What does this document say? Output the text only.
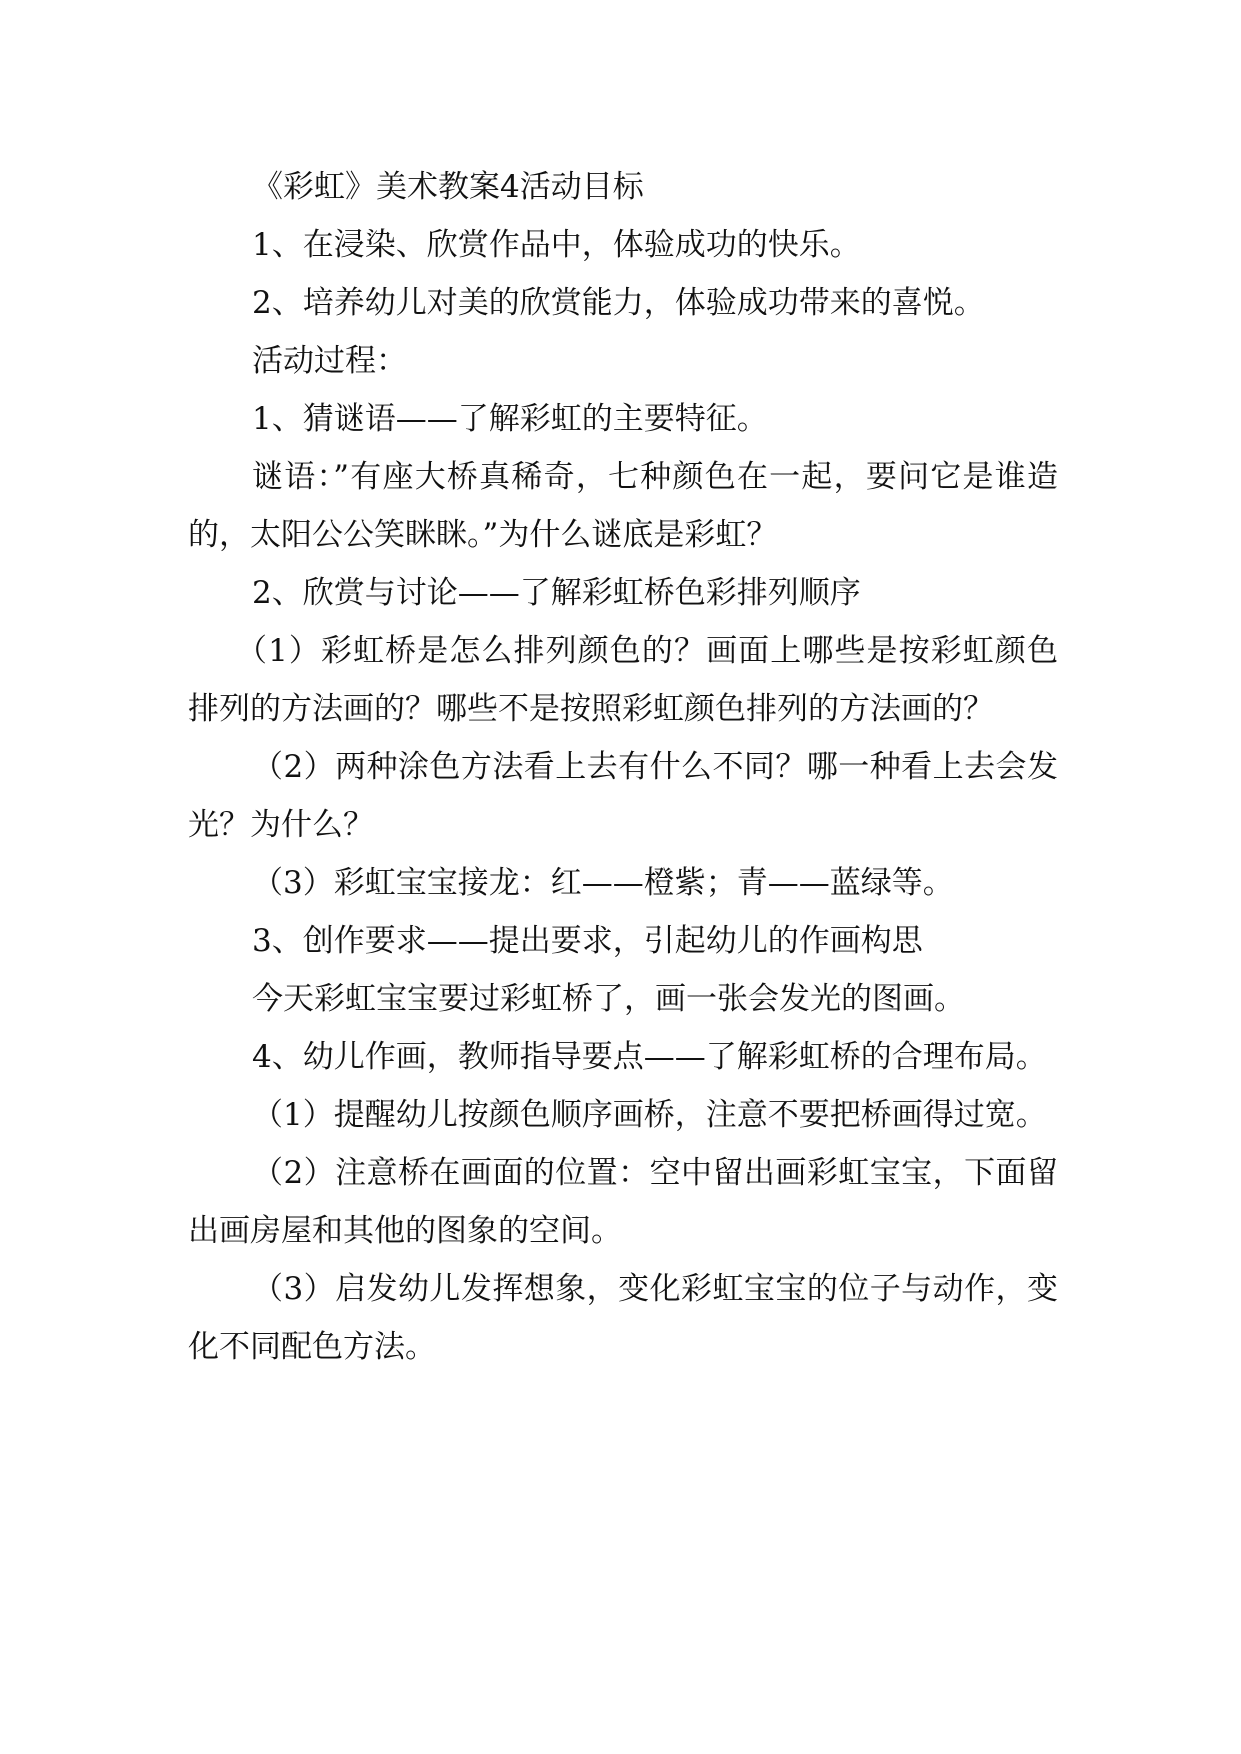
《彩虹》美术教案4活动目标

1、在浸染、欣赏作品中，体验成功的快乐。

2、培养幼儿对美的欣赏能力，体验成功带来的喜悦。

活动过程：

1、猜谜语——了解彩虹的主要特征。

谜语：”有座大桥真稀奇，七种颜色在一起，要问它是谁造的，太阳公公笑眯眯。”为什么谜底是彩虹？

2、欣赏与讨论——了解彩虹桥色彩排列顺序

（1）彩虹桥是怎么排列颜色的？画面上哪些是按彩虹颜色排列的方法画的？哪些不是按照彩虹颜色排列的方法画的？

（2）两种涂色方法看上去有什么不同？哪一种看上去会发光？为什么？

（3）彩虹宝宝接龙：红——橙紫；青——蓝绿等。

3、创作要求——提出要求，引起幼儿的作画构思

今天彩虹宝宝要过彩虹桥了，画一张会发光的图画。

4、幼儿作画，教师指导要点——了解彩虹桥的合理布局。

（1）提醒幼儿按颜色顺序画桥，注意不要把桥画得过宽。

（2）注意桥在画面的位置：空中留出画彩虹宝宝，下面留出画房屋和其他的图象的空间。

（3）启发幼儿发挥想象，变化彩虹宝宝的位子与动作，变化不同配色方法。
